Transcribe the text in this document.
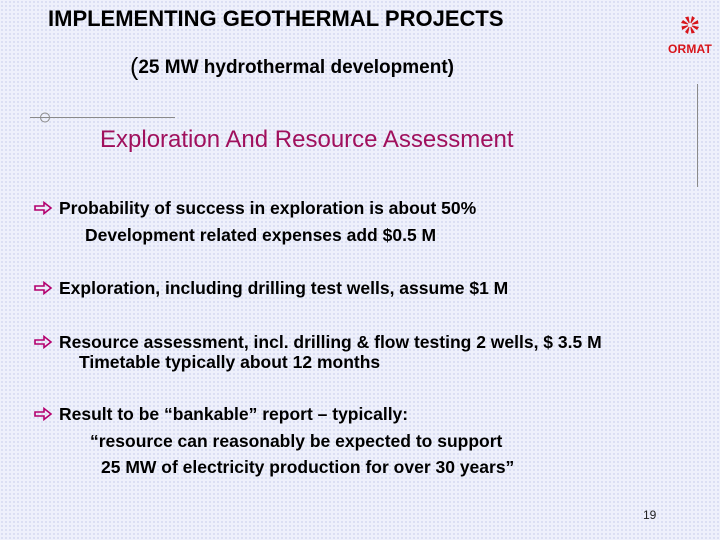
IMPLEMENTING GEOTHERMAL PROJECTS
(25 MW hydrothermal development)
ORMAT
Exploration And Resource Assessment
Probability of success in exploration is about 50%
Development related expenses add $0.5 M
Exploration, including drilling test wells, assume $1 M
Resource assessment, incl. drilling & flow testing 2 wells, $ 3.5 M
Timetable typically about 12 months
Result to be “bankable” report – typically:
“resource can reasonably be expected to support
25 MW of electricity production for over 30 years”
19
